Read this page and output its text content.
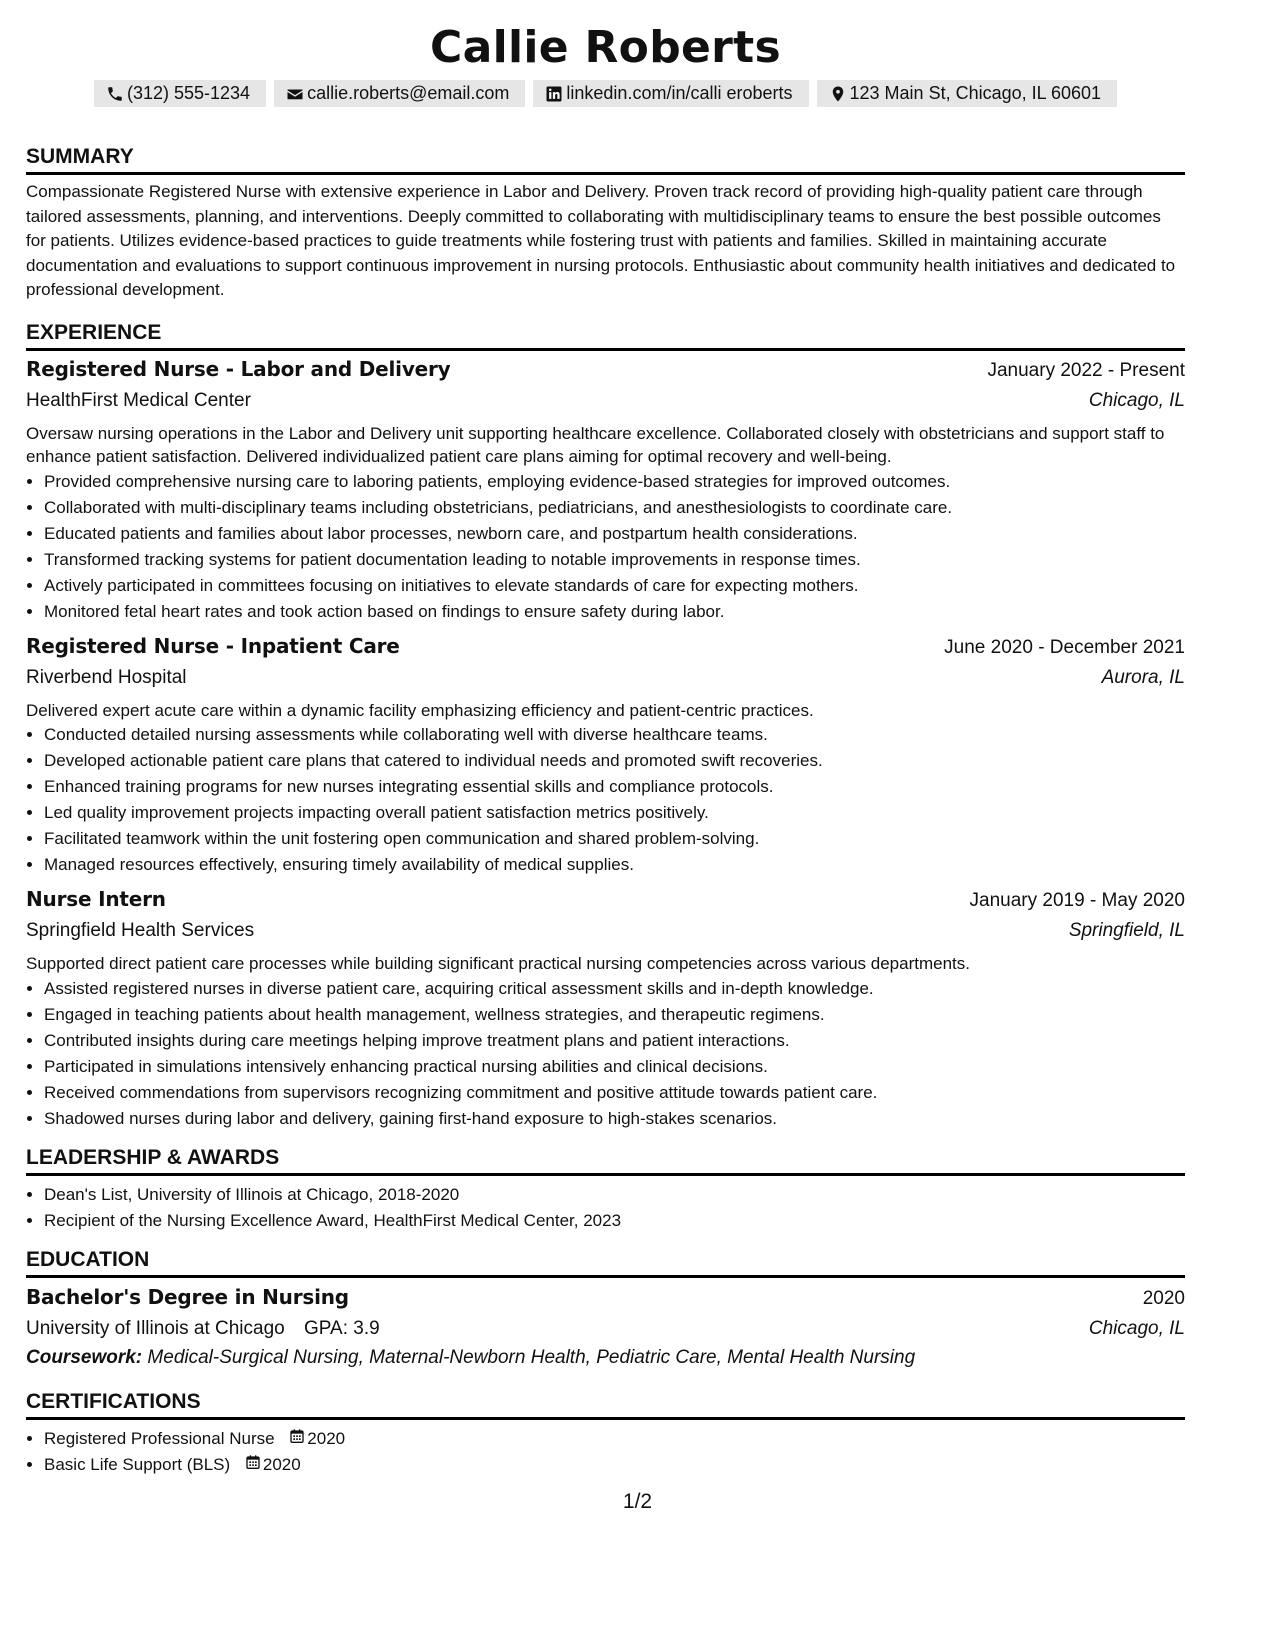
Callie Roberts
(312) 555-1234	callie.roberts@email.com	linkedin.com/in/calli eroberts	123 Main St, Chicago, IL 60601
SUMMARY

Compassionate Registered Nurse with extensive experience in Labor and Delivery. Proven track record of providing high-quality patient care through tailored assessments, planning, and interventions. Deeply committed to collaborating with multidisciplinary teams to ensure the best possible outcomes for patients. Utilizes evidence-based practices to guide treatments while fostering trust with patients and families. Skilled in maintaining accurate documentation and evaluations to support continuous improvement in nursing protocols. Enthusiastic about community health initiatives and dedicated to professional development.

EXPERIENCE
Registered Nurse - Labor and Delivery	January 2022 - Present
HealthFirst Medical Center	Chicago, IL
Oversaw nursing operations in the Labor and Delivery unit supporting healthcare excellence. Collaborated closely with obstetricians and support staff to enhance patient satisfaction. Delivered individualized patient care plans aiming for optimal recovery and well-being.
• Provided comprehensive nursing care to laboring patients, employing evidence-based strategies for improved outcomes.
• Collaborated with multi-disciplinary teams including obstetricians, pediatricians, and anesthesiologists to coordinate care.
• Educated patients and families about labor processes, newborn care, and postpartum health considerations.
• Transformed tracking systems for patient documentation leading to notable improvements in response times.
• Actively participated in committees focusing on initiatives to elevate standards of care for expecting mothers.
• Monitored fetal heart rates and took action based on findings to ensure safety during labor.
Registered Nurse - Inpatient Care	June 2020 - December 2021
Riverbend Hospital	Aurora, IL
Delivered expert acute care within a dynamic facility emphasizing efficiency and patient-centric practices.
• Conducted detailed nursing assessments while collaborating well with diverse healthcare teams.
• Developed actionable patient care plans that catered to individual needs and promoted swift recoveries.
• Enhanced training programs for new nurses integrating essential skills and compliance protocols.
• Led quality improvement projects impacting overall patient satisfaction metrics positively.
• Facilitated teamwork within the unit fostering open communication and shared problem-solving.
• Managed resources effectively, ensuring timely availability of medical supplies.
Nurse Intern	January 2019 - May 2020
Springfield Health Services	Springfield, IL
Supported direct patient care processes while building significant practical nursing competencies across various departments.
• Assisted registered nurses in diverse patient care, acquiring critical assessment skills and in-depth knowledge.
• Engaged in teaching patients about health management, wellness strategies, and therapeutic regimens.
• Contributed insights during care meetings helping improve treatment plans and patient interactions.
• Participated in simulations intensively enhancing practical nursing abilities and clinical decisions.
• Received commendations from supervisors recognizing commitment and positive attitude towards patient care.
• Shadowed nurses during labor and delivery, gaining first-hand exposure to high-stakes scenarios.
LEADERSHIP & AWARDS
• Dean's List, University of Illinois at Chicago, 2018-2020
• Recipient of the Nursing Excellence Award, HealthFirst Medical Center, 2023
EDUCATION
Bachelor's Degree in Nursing	2020
University of Illinois at Chicago GPA: 3.9	Chicago, IL
Coursework: Medical-Surgical Nursing, Maternal-Newborn Health, Pediatric Care, Mental Health Nursing
CERTIFICATIONS
• Registered Professional Nurse 2020
• Basic Life Support (BLS) 2020
1/2
